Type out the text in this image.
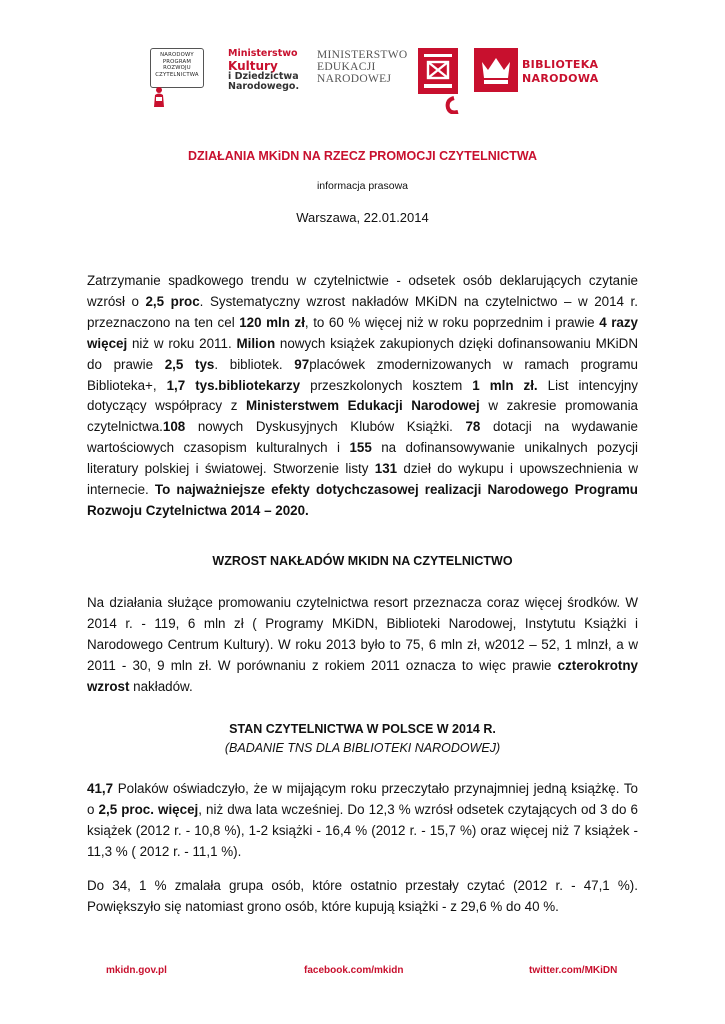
NARODOWY
PROGRAM
ROZWOJU
CZYTELNICTWA
Ministerstwo
Kultury
i Dziedzictwa
Narodowego.
MINISTERSTWO
EDUKACJI
NARODOWEJ
BIBLIOTEKA
NARODOWA
DZIAŁANIA MKiDN NA RZECZ PROMOCJI CZYTELNICTWA
informacja prasowa
Warszawa, 22.01.2014

Zatrzymanie spadkowego trendu w czytelnictwie - odsetek osób deklarujących czytanie wzrósł o 2,5 proc. Systematyczny wzrost nakładów MKiDN na czytelnictwo – w 2014 r. przeznaczono na ten cel 120 mln zł, to 60 % więcej niż w roku poprzednim i prawie 4 razy więcej niż w roku 2011. Milion nowych książek zakupionych dzięki dofinansowaniu MKiDN do prawie 2,5 tys. bibliotek. 97placówek zmodernizowanych w ramach programu Biblioteka+, 1,7 tys.bibliotekarzy przeszkolonych kosztem 1 mln zł. List intencyjny dotyczący współpracy z Ministerstwem Edukacji Narodowej w zakresie promowania czytelnictwa.108 nowych Dyskusyjnych Klubów Książki. 78 dotacji na wydawanie wartościowych czasopism kulturalnych i 155 na dofinansowywanie unikalnych pozycji literatury polskiej i światowej. Stworzenie listy 131 dzieł do wykupu i upowszechnienia w internecie. To najważniejsze efekty dotychczasowej realizacji Narodowego Programu Rozwoju Czytelnictwa 2014 – 2020.

WZROST NAKŁADÓW MKIDN NA CZYTELNICTWO

Na działania służące promowaniu czytelnictwa resort przeznacza coraz więcej środków. W 2014 r. - 119, 6 mln zł ( Programy MKiDN, Biblioteki Narodowej, Instytutu Książki i Narodowego Centrum Kultury). W roku 2013 było to 75, 6 mln zł, w2012 – 52, 1 mlnzł, a w 2011 - 30, 9 mln zł. W porównaniu z rokiem 2011 oznacza to więc prawie czterokrotny wzrost nakładów.

STAN CZYTELNICTWA W POLSCE W 2014 R.
(BADANIE TNS DLA BIBLIOTEKI NARODOWEJ)

41,7 Polaków oświadczyło, że w mijającym roku przeczytało przynajmniej jedną książkę. To o 2,5 proc. więcej, niż dwa lata wcześniej. Do 12,3 % wzrósł odsetek czytających od 3 do 6 książek (2012 r. - 10,8 %), 1-2 książki - 16,4 % (2012 r. - 15,7 %) oraz więcej niż 7 książek - 11,3 % ( 2012 r. - 11,1 %).

Do 34, 1 % zmalała grupa osób, które ostatnio przestały czytać (2012 r. - 47,1 %). Powiększyło się natomiast grono osób, które kupują książki - z 29,6 % do 40 %.

mkidn.gov.pl	facebook.com/mkidn	twitter.com/MKiDN
